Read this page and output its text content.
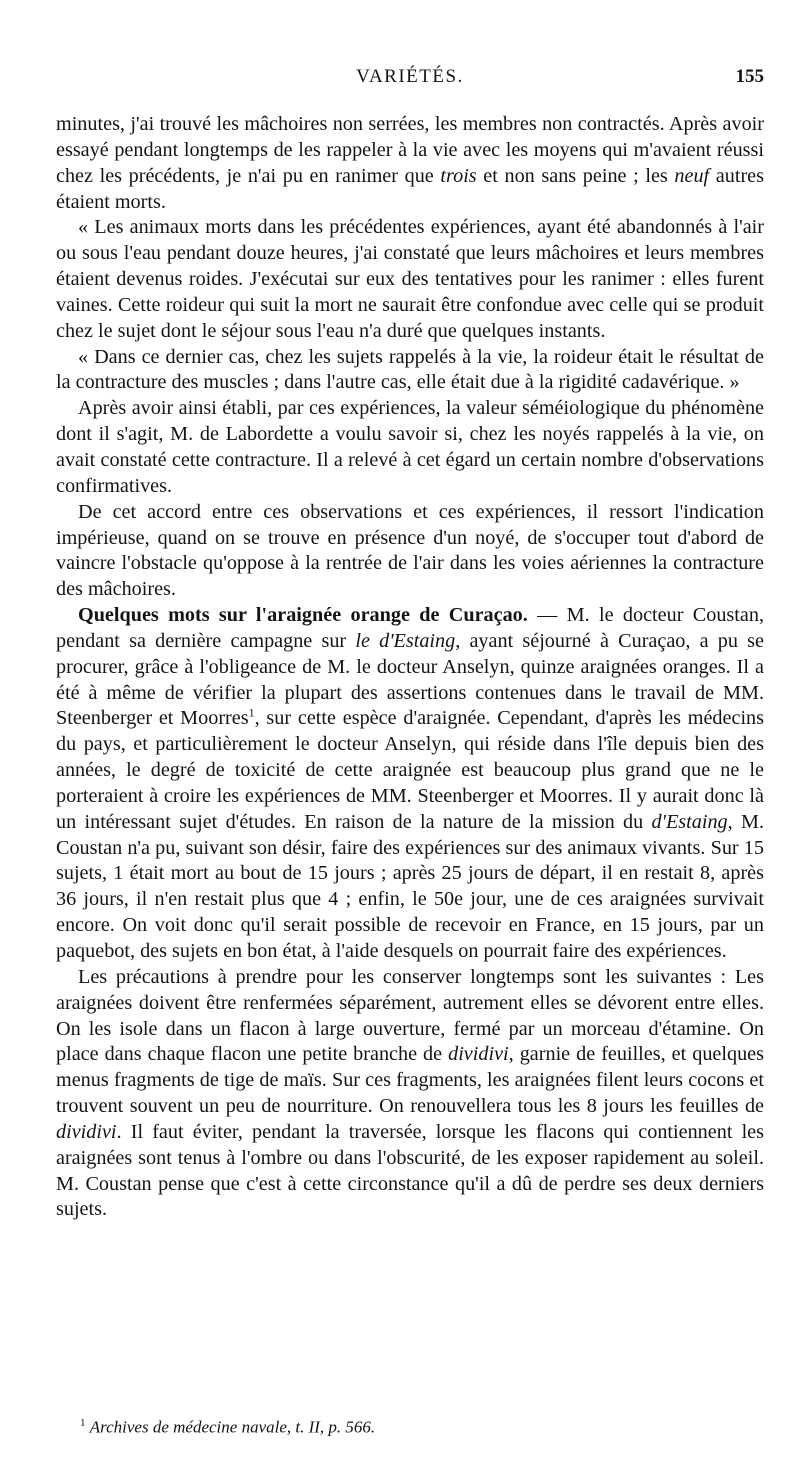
VARIÉTÉS.	155

minutes, j'ai trouvé les mâchoires non serrées, les membres non contractés. Après avoir essayé pendant longtemps de les rappeler à la vie avec les moyens qui m'avaient réussi chez les précédents, je n'ai pu en ranimer que trois et non sans peine ; les neuf autres étaient morts.

« Les animaux morts dans les précédentes expériences, ayant été abandonnés à l'air ou sous l'eau pendant douze heures, j'ai constaté que leurs mâchoires et leurs membres étaient devenus roides. J'exécutai sur eux des tentatives pour les ranimer : elles furent vaines. Cette roideur qui suit la mort ne saurait être confondue avec celle qui se produit chez le sujet dont le séjour sous l'eau n'a duré que quelques instants.

« Dans ce dernier cas, chez les sujets rappelés à la vie, la roideur était le résultat de la contracture des muscles ; dans l'autre cas, elle était due à la rigidité cadavérique. »

Après avoir ainsi établi, par ces expériences, la valeur séméiologique du phénomène dont il s'agit, M. de Labordette a voulu savoir si, chez les noyés rappelés à la vie, on avait constaté cette contracture. Il a relevé à cet égard un certain nombre d'observations confirmatives.

De cet accord entre ces observations et ces expériences, il ressort l'indication impérieuse, quand on se trouve en présence d'un noyé, de s'occuper tout d'abord de vaincre l'obstacle qu'oppose à la rentrée de l'air dans les voies aériennes la contracture des mâchoires.

Quelques mots sur l'araignée orange de Curaçao. — M. le docteur Coustan, pendant sa dernière campagne sur le d'Estaing, ayant séjourné à Curaçao, a pu se procurer, grâce à l'obligeance de M. le docteur Anselyn, quinze araignées oranges. Il a été à même de vérifier la plupart des assertions contenues dans le travail de MM. Steenberger et Moorres$^1$, sur cette espèce d'araignée. Cependant, d'après les médecins du pays, et particulièrement le docteur Anselyn, qui réside dans l'île depuis bien des années, le degré de toxicité de cette araignée est beaucoup plus grand que ne le porteraient à croire les expériences de MM. Steenberger et Moorres. Il y aurait donc là un intéressant sujet d'études. En raison de la nature de la mission du d'Estaing, M. Coustan n'a pu, suivant son désir, faire des expériences sur des animaux vivants. Sur 15 sujets, 1 était mort au bout de 15 jours ; après 25 jours de départ, il en restait 8, après 36 jours, il n'en restait plus que 4 ; enfin, le 50e jour, une de ces araignées survivait encore. On voit donc qu'il serait possible de recevoir en France, en 15 jours, par un paquebot, des sujets en bon état, à l'aide desquels on pourrait faire des expériences.

Les précautions à prendre pour les conserver longtemps sont les suivantes : Les araignées doivent être renfermées séparément, autrement elles se dévorent entre elles. On les isole dans un flacon à large ouverture, fermé par un morceau d'étamine. On place dans chaque flacon une petite branche de dividivi, garnie de feuilles, et quelques menus fragments de tige de maïs. Sur ces fragments, les araignées filent leurs cocons et trouvent souvent un peu de nourriture. On renouvellera tous les 8 jours les feuilles de dividivi. Il faut éviter, pendant la traversée, lorsque les flacons qui contiennent les araignées sont tenus à l'ombre ou dans l'obscurité, de les exposer rapidement au soleil. M. Coustan pense que c'est à cette circonstance qu'il a dû de perdre ses deux derniers sujets.

$^1$ Archives de médecine navale, t. II, p. 566.
